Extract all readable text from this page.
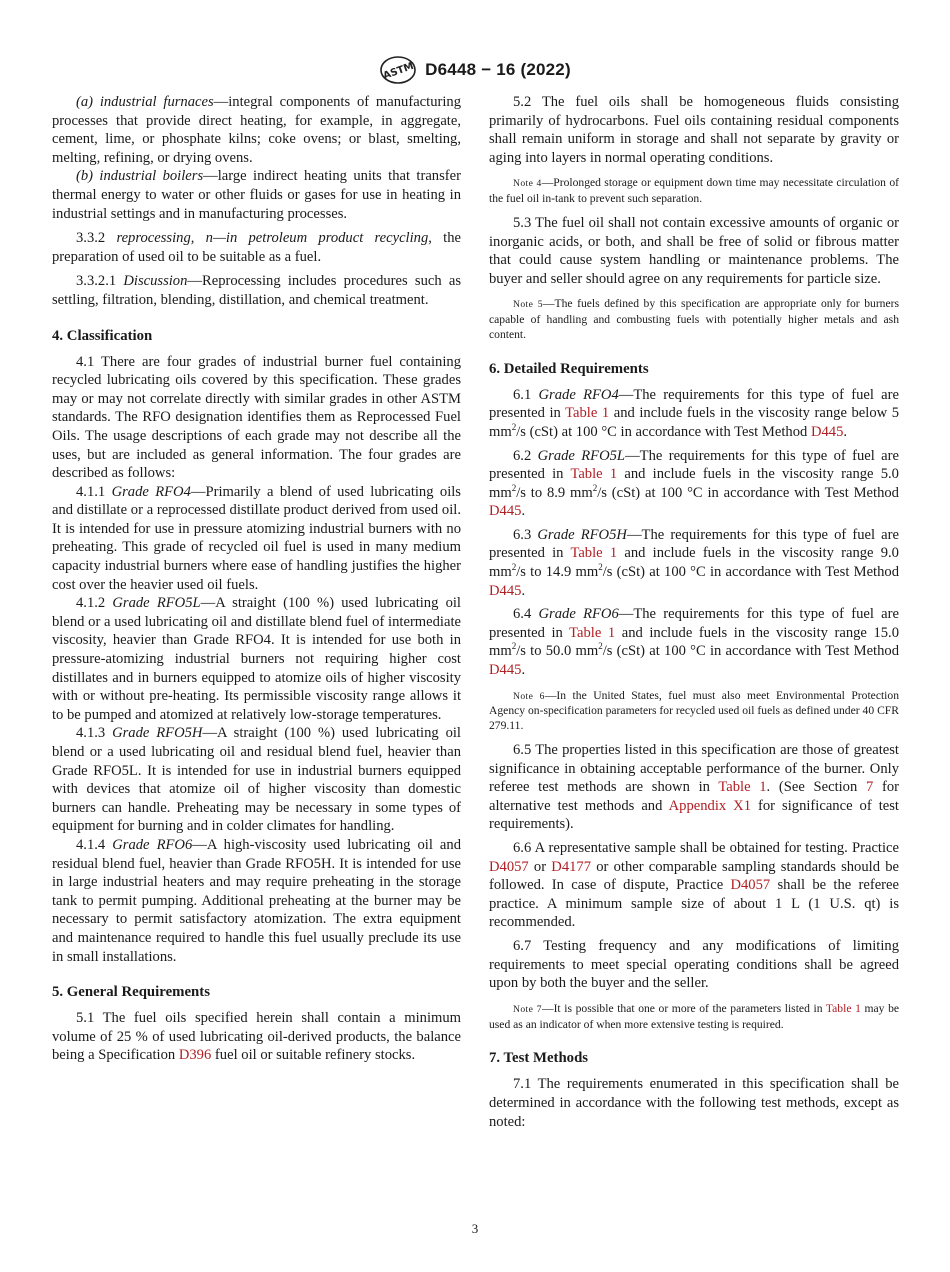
ASTM D6448 − 16 (2022)

(a) industrial furnaces—integral components of manufacturing processes that provide direct heating, for example, in aggregate, cement, lime, or phosphate kilns; coke ovens; or blast, smelting, melting, refining, or drying ovens.

(b) industrial boilers—large indirect heating units that transfer thermal energy to water or other fluids or gases for use in heating in industrial settings and in manufacturing processes.

3.3.2 reprocessing, n—in petroleum product recycling, the preparation of used oil to be suitable as a fuel.

3.3.2.1 Discussion—Reprocessing includes procedures such as settling, filtration, blending, distillation, and chemical treatment.

4. Classification

4.1 There are four grades of industrial burner fuel containing recycled lubricating oils covered by this specification. These grades may or may not correlate directly with similar grades in other ASTM standards. The RFO designation identifies them as Reprocessed Fuel Oils. The usage descriptions of each grade may not describe all the uses, but are included as general information. The four grades are described as follows:

4.1.1 Grade RFO4—Primarily a blend of used lubricating oils and distillate or a reprocessed distillate product derived from used oil. It is intended for use in pressure atomizing industrial burners with no preheating. This grade of recycled oil fuel is used in many medium capacity industrial burners where ease of handling justifies the higher cost over the heavier used oil fuels.

4.1.2 Grade RFO5L—A straight (100 %) used lubricating oil blend or a used lubricating oil and distillate blend fuel of intermediate viscosity, heavier than Grade RFO4. It is intended for use both in pressure-atomizing industrial burners not requiring higher cost distillates and in burners equipped to atomize oils of higher viscosity with or without pre-heating. Its permissible viscosity range allows it to be pumped and atomized at relatively low-storage temperatures.

4.1.3 Grade RFO5H—A straight (100 %) used lubricating oil blend or a used lubricating oil and residual blend fuel, heavier than Grade RFO5L. It is intended for use in industrial burners equipped with devices that atomize oil of higher viscosity than domestic burners can handle. Preheating may be necessary in some types of equipment for burning and in colder climates for handling.

4.1.4 Grade RFO6—A high-viscosity used lubricating oil and residual blend fuel, heavier than Grade RFO5H. It is intended for use in large industrial heaters and may require preheating in the storage tank to permit pumping. Additional preheating at the burner may be necessary to permit satisfactory atomization. The extra equipment and maintenance required to handle this fuel usually preclude its use in small installations.

5. General Requirements

5.1 The fuel oils specified herein shall contain a minimum volume of 25 % of used lubricating oil-derived products, the balance being a Specification D396 fuel oil or suitable refinery stocks.

5.2 The fuel oils shall be homogeneous fluids consisting primarily of hydrocarbons. Fuel oils containing residual components shall remain uniform in storage and shall not separate by gravity or aging into layers in normal operating conditions.

Note 4—Prolonged storage or equipment down time may necessitate circulation of the fuel oil in-tank to prevent such separation.

5.3 The fuel oil shall not contain excessive amounts of organic or inorganic acids, or both, and shall be free of solid or fibrous matter that could cause system handling or maintenance problems. The buyer and seller should agree on any requirements for particle size.

Note 5—The fuels defined by this specification are appropriate only for burners capable of handling and combusting fuels with potentially higher metals and ash content.

6. Detailed Requirements

6.1 Grade RFO4—The requirements for this type of fuel are presented in Table 1 and include fuels in the viscosity range below 5 $mm^2/s$ (cSt) at 100 °C in accordance with Test Method D445.

6.2 Grade RFO5L—The requirements for this type of fuel are presented in Table 1 and include fuels in the viscosity range 5.0 $mm^2/s$ to 8.9 $mm^2/s$ (cSt) at 100 °C in accordance with Test Method D445.

6.3 Grade RFO5H—The requirements for this type of fuel are presented in Table 1 and include fuels in the viscosity range 9.0 $mm^2/s$ to 14.9 $mm^2/s$ (cSt) at 100 °C in accordance with Test Method D445.

6.4 Grade RFO6—The requirements for this type of fuel are presented in Table 1 and include fuels in the viscosity range 15.0 $mm^2/s$ to 50.0 $mm^2/s$ (cSt) at 100 °C in accordance with Test Method D445.

Note 6—In the United States, fuel must also meet Environmental Protection Agency on-specification parameters for recycled used oil fuels as defined under 40 CFR 279.11.

6.5 The properties listed in this specification are those of greatest significance in obtaining acceptable performance of the burner. Only referee test methods are shown in Table 1. (See Section 7 for alternative test methods and Appendix X1 for significance of test requirements).

6.6 A representative sample shall be obtained for testing. Practice D4057 or D4177 or other comparable sampling standards should be followed. In case of dispute, Practice D4057 shall be the referee practice. A minimum sample size of about 1 L (1 U.S. qt) is recommended.

6.7 Testing frequency and any modifications of limiting requirements to meet special operating conditions shall be agreed upon by both the buyer and the seller.

Note 7—It is possible that one or more of the parameters listed in Table 1 may be used as an indicator of when more extensive testing is required.

7. Test Methods

7.1 The requirements enumerated in this specification shall be determined in accordance with the following test methods, except as noted:

3
